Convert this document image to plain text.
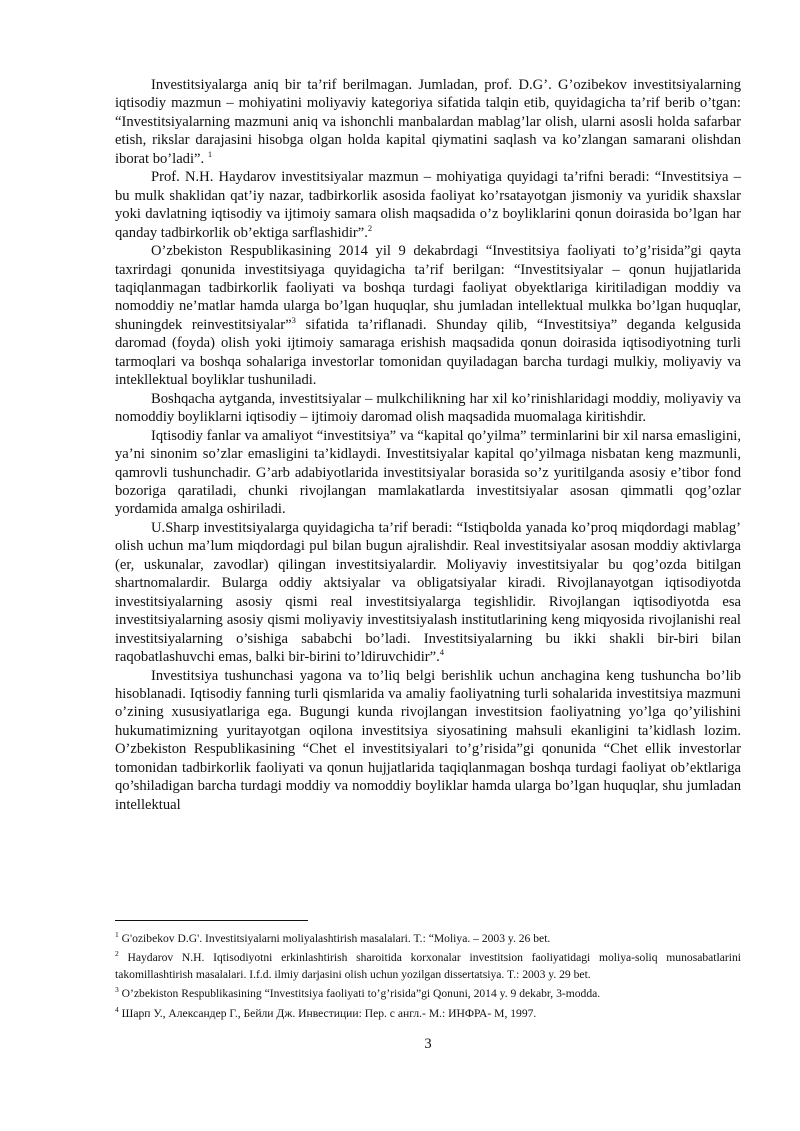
Investitsiyalarga aniq bir ta’rif berilmagan. Jumladan, prof. D.G’. G’ozibekov investitsiyalarning iqtisodiy mazmun – mohiyatini moliyaviy kategoriya sifatida talqin etib, quyidagicha ta’rif berib o’tgan: “Investitsiyalarning mazmuni aniq va ishonchli manbalardan mablag’lar olish, ularni asosli holda safarbar etish, rikslar darajasini hisobga olgan holda kapital qiymatini saqlash va ko’zlangan samarani olishdan iborat bo’ladi”. $^1$

Prof. N.H. Haydarov investitsiyalar mazmun – mohiyatiga quyidagi ta’rifni beradi: “Investitsiya – bu mulk shaklidan qat’iy nazar, tadbirkorlik asosida faoliyat ko’rsatayotgan jismoniy va yuridik shaxslar yoki davlatning iqtisodiy va ijtimoiy samara olish maqsadida o’z boyliklarini qonun doirasida bo’lgan har qanday tadbirkorlik ob’ektiga sarflashidir”.$^2$

O’zbekiston Respublikasining 2014 yil 9 dekabrdagi “Investitsiya faoliyati to’g’risida”gi qayta taxrirdagi qonunida investitsiyaga quyidagicha ta’rif berilgan: “Investitsiyalar – qonun hujjatlarida taqiqlanmagan tadbirkorlik faoliyati va boshqa turdagi faoliyat obyektlariga kiritiladigan moddiy va nomoddiy ne’matlar hamda ularga bo’lgan huquqlar, shu jumladan intellektual mulkka bo’lgan huquqlar, shuningdek reinvestitsiyalar”$^3$ sifatida ta’riflanadi. Shunday qilib, “Investitsiya” deganda kelgusida daromad (foyda) olish yoki ijtimoiy samaraga erishish maqsadida qonun doirasida iqtisodiyotning turli tarmoqlari va boshqa sohalariga investorlar tomonidan quyiladagan barcha turdagi mulkiy, moliyaviy va intekllektual boyliklar tushuniladi.

Boshqacha aytganda, investitsiyalar – mulkchilikning har xil ko’rinishlaridagi moddiy, moliyaviy va nomoddiy boyliklarni iqtisodiy – ijtimoiy daromad olish maqsadida muomalaga kiritishdir.

Iqtisodiy fanlar va amaliyot “investitsiya” va “kapital qo’yilma” terminlarini bir xil narsa emasligini, ya’ni sinonim so’zlar emasligini ta’kidlaydi. Investitsiyalar kapital qo’yilmaga nisbatan keng mazmunli, qamrovli tushunchadir. G’arb adabiyotlarida investitsiyalar borasida so’z yuritilganda asosiy e’tibor fond bozoriga qaratiladi, chunki rivojlangan mamlakatlarda investitsiyalar asosan qimmatli qog’ozlar yordamida amalga oshiriladi.

U.Sharp investitsiyalarga quyidagicha ta’rif beradi: “Istiqbolda yanada ko’proq miqdordagi mablag’ olish uchun ma’lum miqdordagi pul bilan bugun ajralishdir. Real investitsiyalar asosan moddiy aktivlarga (er, uskunalar, zavodlar) qilingan investitsiyalardir. Moliyaviy investitsiyalar bu qog’ozda bitilgan shartnomalardir. Bularga oddiy aktsiyalar va obligatsiyalar kiradi. Rivojlanayotgan iqtisodiyotda investitsiyalarning asosiy qismi real investitsiyalarga tegishlidir. Rivojlangan iqtisodiyotda esa investitsiyalarning asosiy qismi moliyaviy investitsiyalash institutlarining keng miqyosida rivojlanishi real investitsiyalarning o’sishiga sababchi bo’ladi. Investitsiyalarning bu ikki shakli bir-biri bilan raqobatlashuvchi emas, balki bir-birini to’ldiruvchidir”.$^4$

Investitsiya tushunchasi yagona va to’liq belgi berishlik uchun anchagina keng tushuncha bo’lib hisoblanadi. Iqtisodiy fanning turli qismlarida va amaliy faoliyatning turli sohalarida investitsiya mazmuni o’zining xususiyatlariga ega. Bugungi kunda rivojlangan investitsion faoliyatning yo’lga qo’yilishini hukumatimizning yuritayotgan oqilona investitsiya siyosatining mahsuli ekanligini ta’kidlash lozim. O’zbekiston Respublikasining “Chet el investitsiyalari to’g’risida”gi qonunida “Chet ellik investorlar tomonidan tadbirkorlik faoliyati va qonun hujjatlarida taqiqlanmagan boshqa turdagi faoliyat ob’ektlariga qo’shiladigan barcha turdagi moddiy va nomoddiy boyliklar hamda ularga bo’lgan huquqlar, shu jumladan intellektual

$^1$ G'ozibekov D.G'. Investitsiyalarni moliyalashtirish masalalari. T.: “Moliya. – 2003 y. 26 bet.

$^2$ Haydarov N.H. Iqtisodiyotni erkinlashtirish sharoitida korxonalar investitsion faoliyatidagi moliya-soliq munosabatlarini takomillashtirish masalalari. I.f.d. ilmiy darjasini olish uchun yozilgan dissertatsiya. T.: 2003 y. 29 bet.

$^3$ O’zbekiston Respublikasining “Investitsiya faoliyati to’g’risida”gi Qonuni, 2014 y. 9 dekabr, 3-modda.

$^4$ Шарп У., Александер Г., Бейли Дж. Инвестиции: Пер. с англ.- М.: ИНФРА- М, 1997.

3
